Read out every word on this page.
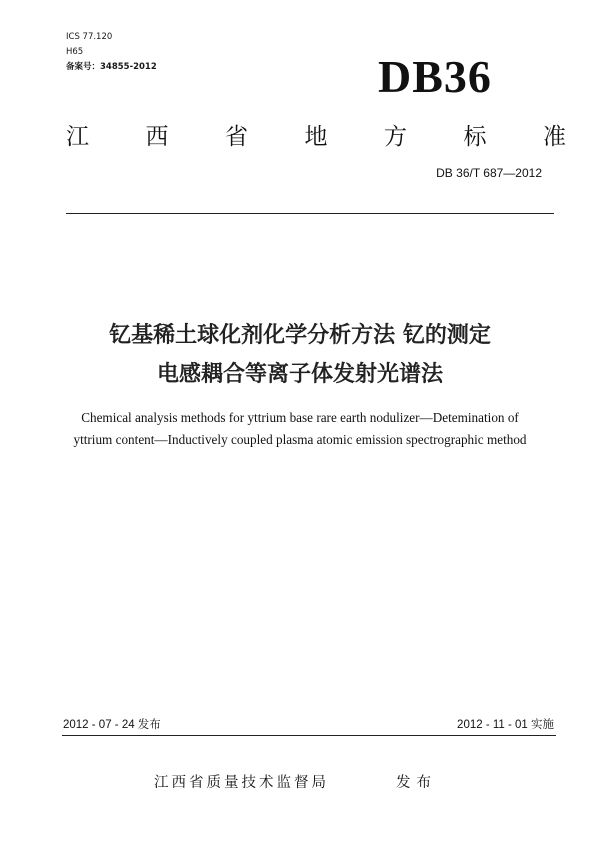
ICS 77.120
H65
备案号：34855-2012	DB36
江 西 省 地 方 标 准
DB 36/T 687—2012
钇基稀土球化剂化学分析方法 钇的测定
电感耦合等离子体发射光谱法
Chemical analysis methods for yttrium base rare earth nodulizer—Detemination of
yttrium content—Inductively coupled plasma atomic emission spectrographic method
2012 - 07 - 24 发布	2012 - 11 - 01 实施
江西省质量技术监督局	发布
